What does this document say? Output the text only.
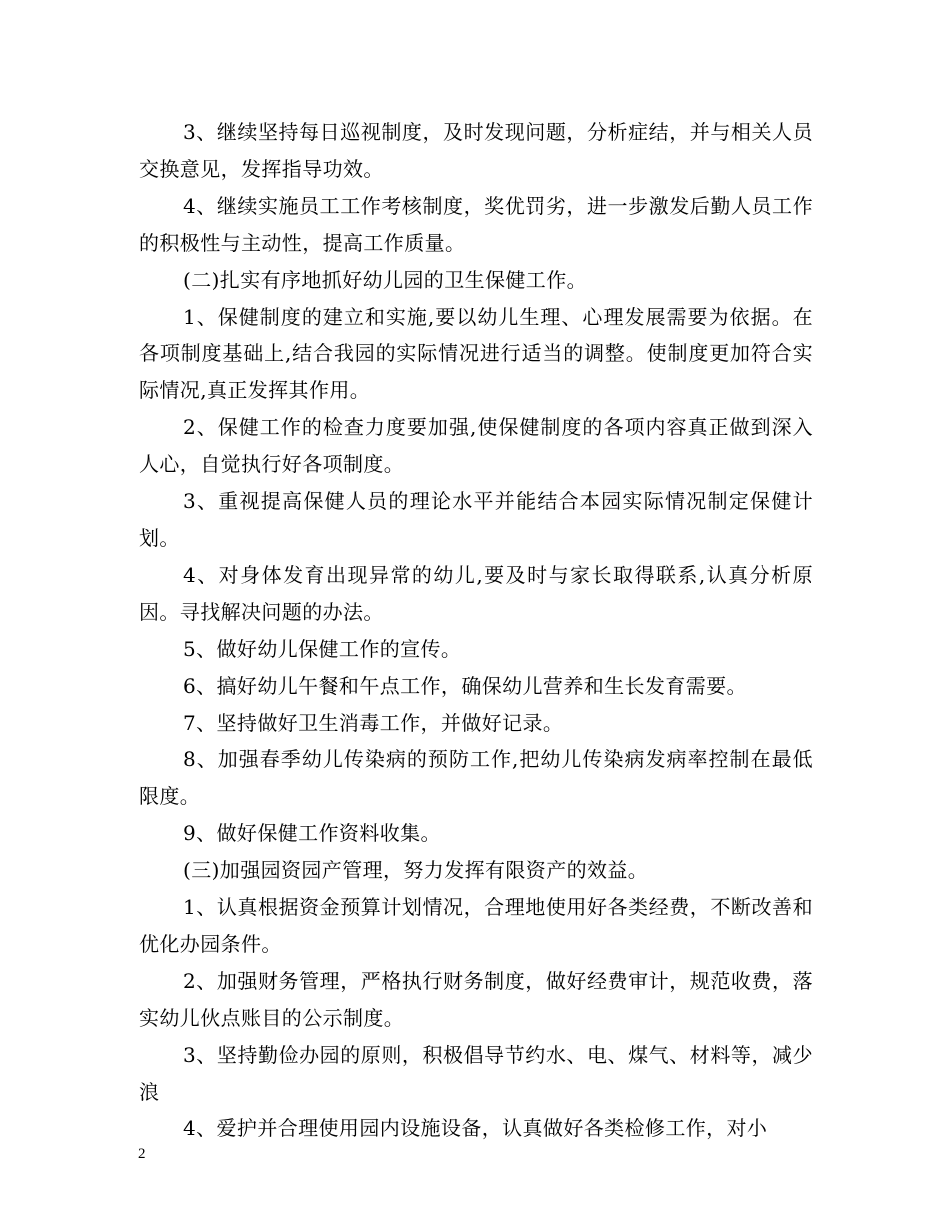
3、继续坚持每日巡视制度，及时发现问题，分析症结，并与相关人员交换意见，发挥指导功效。

4、继续实施员工工作考核制度，奖优罚劣，进一步激发后勤人员工作的积极性与主动性，提高工作质量。

(二)扎实有序地抓好幼儿园的卫生保健工作。

1、保健制度的建立和实施,要以幼儿生理、心理发展需要为依据。在各项制度基础上,结合我园的实际情况进行适当的调整。使制度更加符合实际情况,真正发挥其作用。

2、保健工作的检查力度要加强,使保健制度的各项内容真正做到深入人心，自觉执行好各项制度。

3、重视提高保健人员的理论水平并能结合本园实际情况制定保健计划。

4、对身体发育出现异常的幼儿,要及时与家长取得联系,认真分析原因。寻找解决问题的办法。

5、做好幼儿保健工作的宣传。

6、搞好幼儿午餐和午点工作，确保幼儿营养和生长发育需要。

7、坚持做好卫生消毒工作，并做好记录。

8、加强春季幼儿传染病的预防工作,把幼儿传染病发病率控制在最低限度。

9、做好保健工作资料收集。

(三)加强园资园产管理，努力发挥有限资产的效益。

1、认真根据资金预算计划情况，合理地使用好各类经费，不断改善和优化办园条件。

2、加强财务管理，严格执行财务制度，做好经费审计，规范收费，落实幼儿伙点账目的公示制度。

3、坚持勤俭办园的原则，积极倡导节约水、电、煤气、材料等，减少浪

4、爱护并合理使用园内设施设备，认真做好各类检修工作，对小

2
